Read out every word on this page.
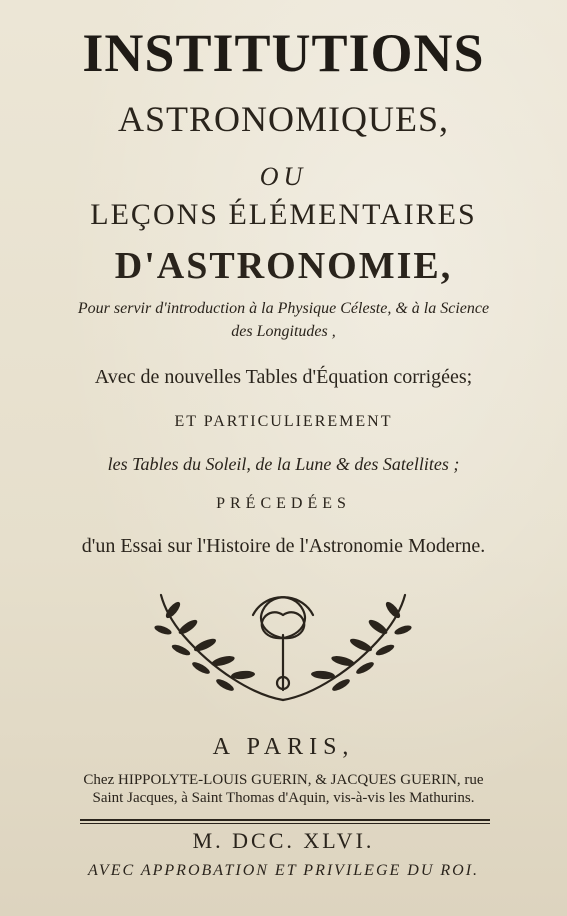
INSTITUTIONS
ASTRONOMIQUES,
OU
LEÇONS ÉLÉMENTAIRES
D'ASTRONOMIE,
Pour servir d'introduction à la Physique Céleste, & à la Science
des Longitudes ,
Avec de nouvelles Tables d'Équation corrigées;
ET PARTICULIEREMENT
les Tables du Soleil, de la Lune & des Satellites ;
PRÉCEDÉES
d'un Essai sur l'Histoire de l'Astronomie Moderne.
A PARIS,
Chez HIPPOLYTE-LOUIS GUERIN, & JACQUES GUERIN, rue
Saint Jacques, à Saint Thomas d'Aquin, vis-à-vis les Mathurins.
M. DCC. XLVI.
AVEC APPROBATION ET PRIVILEGE DU ROI.
